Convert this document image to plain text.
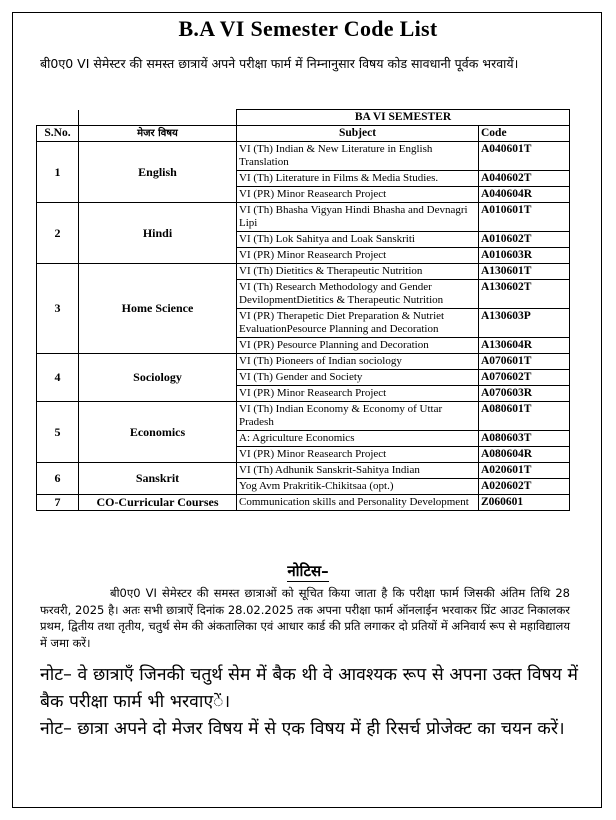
B.A VI Semester Code List
बी0ए0 VI सेमेस्टर की समस्त छात्रायें अपने परीक्षा फार्म में निम्नानुसार विषय कोड सावधानी पूर्वक भरवायें।
		BA VI SEMESTER	
S.No.	मेजर विषय	Subject	Code
1	English	VI (Th) Indian & New Literature in English Translation	A040601T
		VI (Th) Literature in Films & Media Studies.	A040602T
		VI (PR) Minor Reasearch Project	A040604R
2	Hindi	VI (Th) Bhasha Vigyan Hindi Bhasha and Devnagri Lipi	A010601T
		VI (Th) Lok Sahitya and Loak Sanskriti	A010602T
		VI (PR) Minor Reasearch Project	A010603R
3	Home Science	VI (Th) Dietitics & Therapeutic Nutrition	A130601T
		VI (Th) Research Methodology and Gender DevilopmentDietitics & Therapeutic Nutrition	A130602T
		VI (PR) Therapetic Diet Preparation & Nutriet EvaluationPesource Planning and Decoration	A130603P
		VI (PR) Pesource Planning and Decoration	A130604R
4	Sociology	VI (Th) Pioneers of Indian sociology	A070601T
		VI (Th) Gender and Society	A070602T
		VI (PR) Minor Reasearch Project	A070603R
5	Economics	VI (Th) Indian Economy & Economy of Uttar Pradesh	A080601T
		A: Agriculture Economics	A080603T
		VI (PR) Minor Reasearch Project	A080604R
6	Sanskrit	VI (Th) Adhunik Sanskrit-Sahitya Indian	A020601T
		Yog Avm Prakritik-Chikitsaa (opt.)	A020602T
7	CO-Curricular Courses	Communication skills and Personality Development	Z060601
नोटिस–
बी0ए0 VI सेमेस्टर की समस्त छात्राओं को सूचित किया जाता है कि परीक्षा फार्म जिसकी अंतिम तिथि 28 फरवरी, 2025 है। अतः सभी छात्राऐं दिनांक 28.02.2025 तक अपना परीक्षा फार्म ऑनलाईन भरवाकर प्रिंट आउट निकालकर प्रथम, द्वितीय तथा तृतीय, चतुर्थ सेम की अंकतालिका एवं आधार कार्ड की प्रति लगाकर दो प्रतियों में अनिवार्य रूप से महाविद्यालय में जमा करें।
नोट– वे छात्राएँ जिनकी चतुर्थ सेम में बैक थी वे आवश्यक रूप से अपना उक्त विषय में बैक परीक्षा फार्म भी भरवाएें।
नोट– छात्रा अपने दो मेजर विषय में से एक विषय में ही रिसर्च प्रोजेक्ट का चयन करें।
